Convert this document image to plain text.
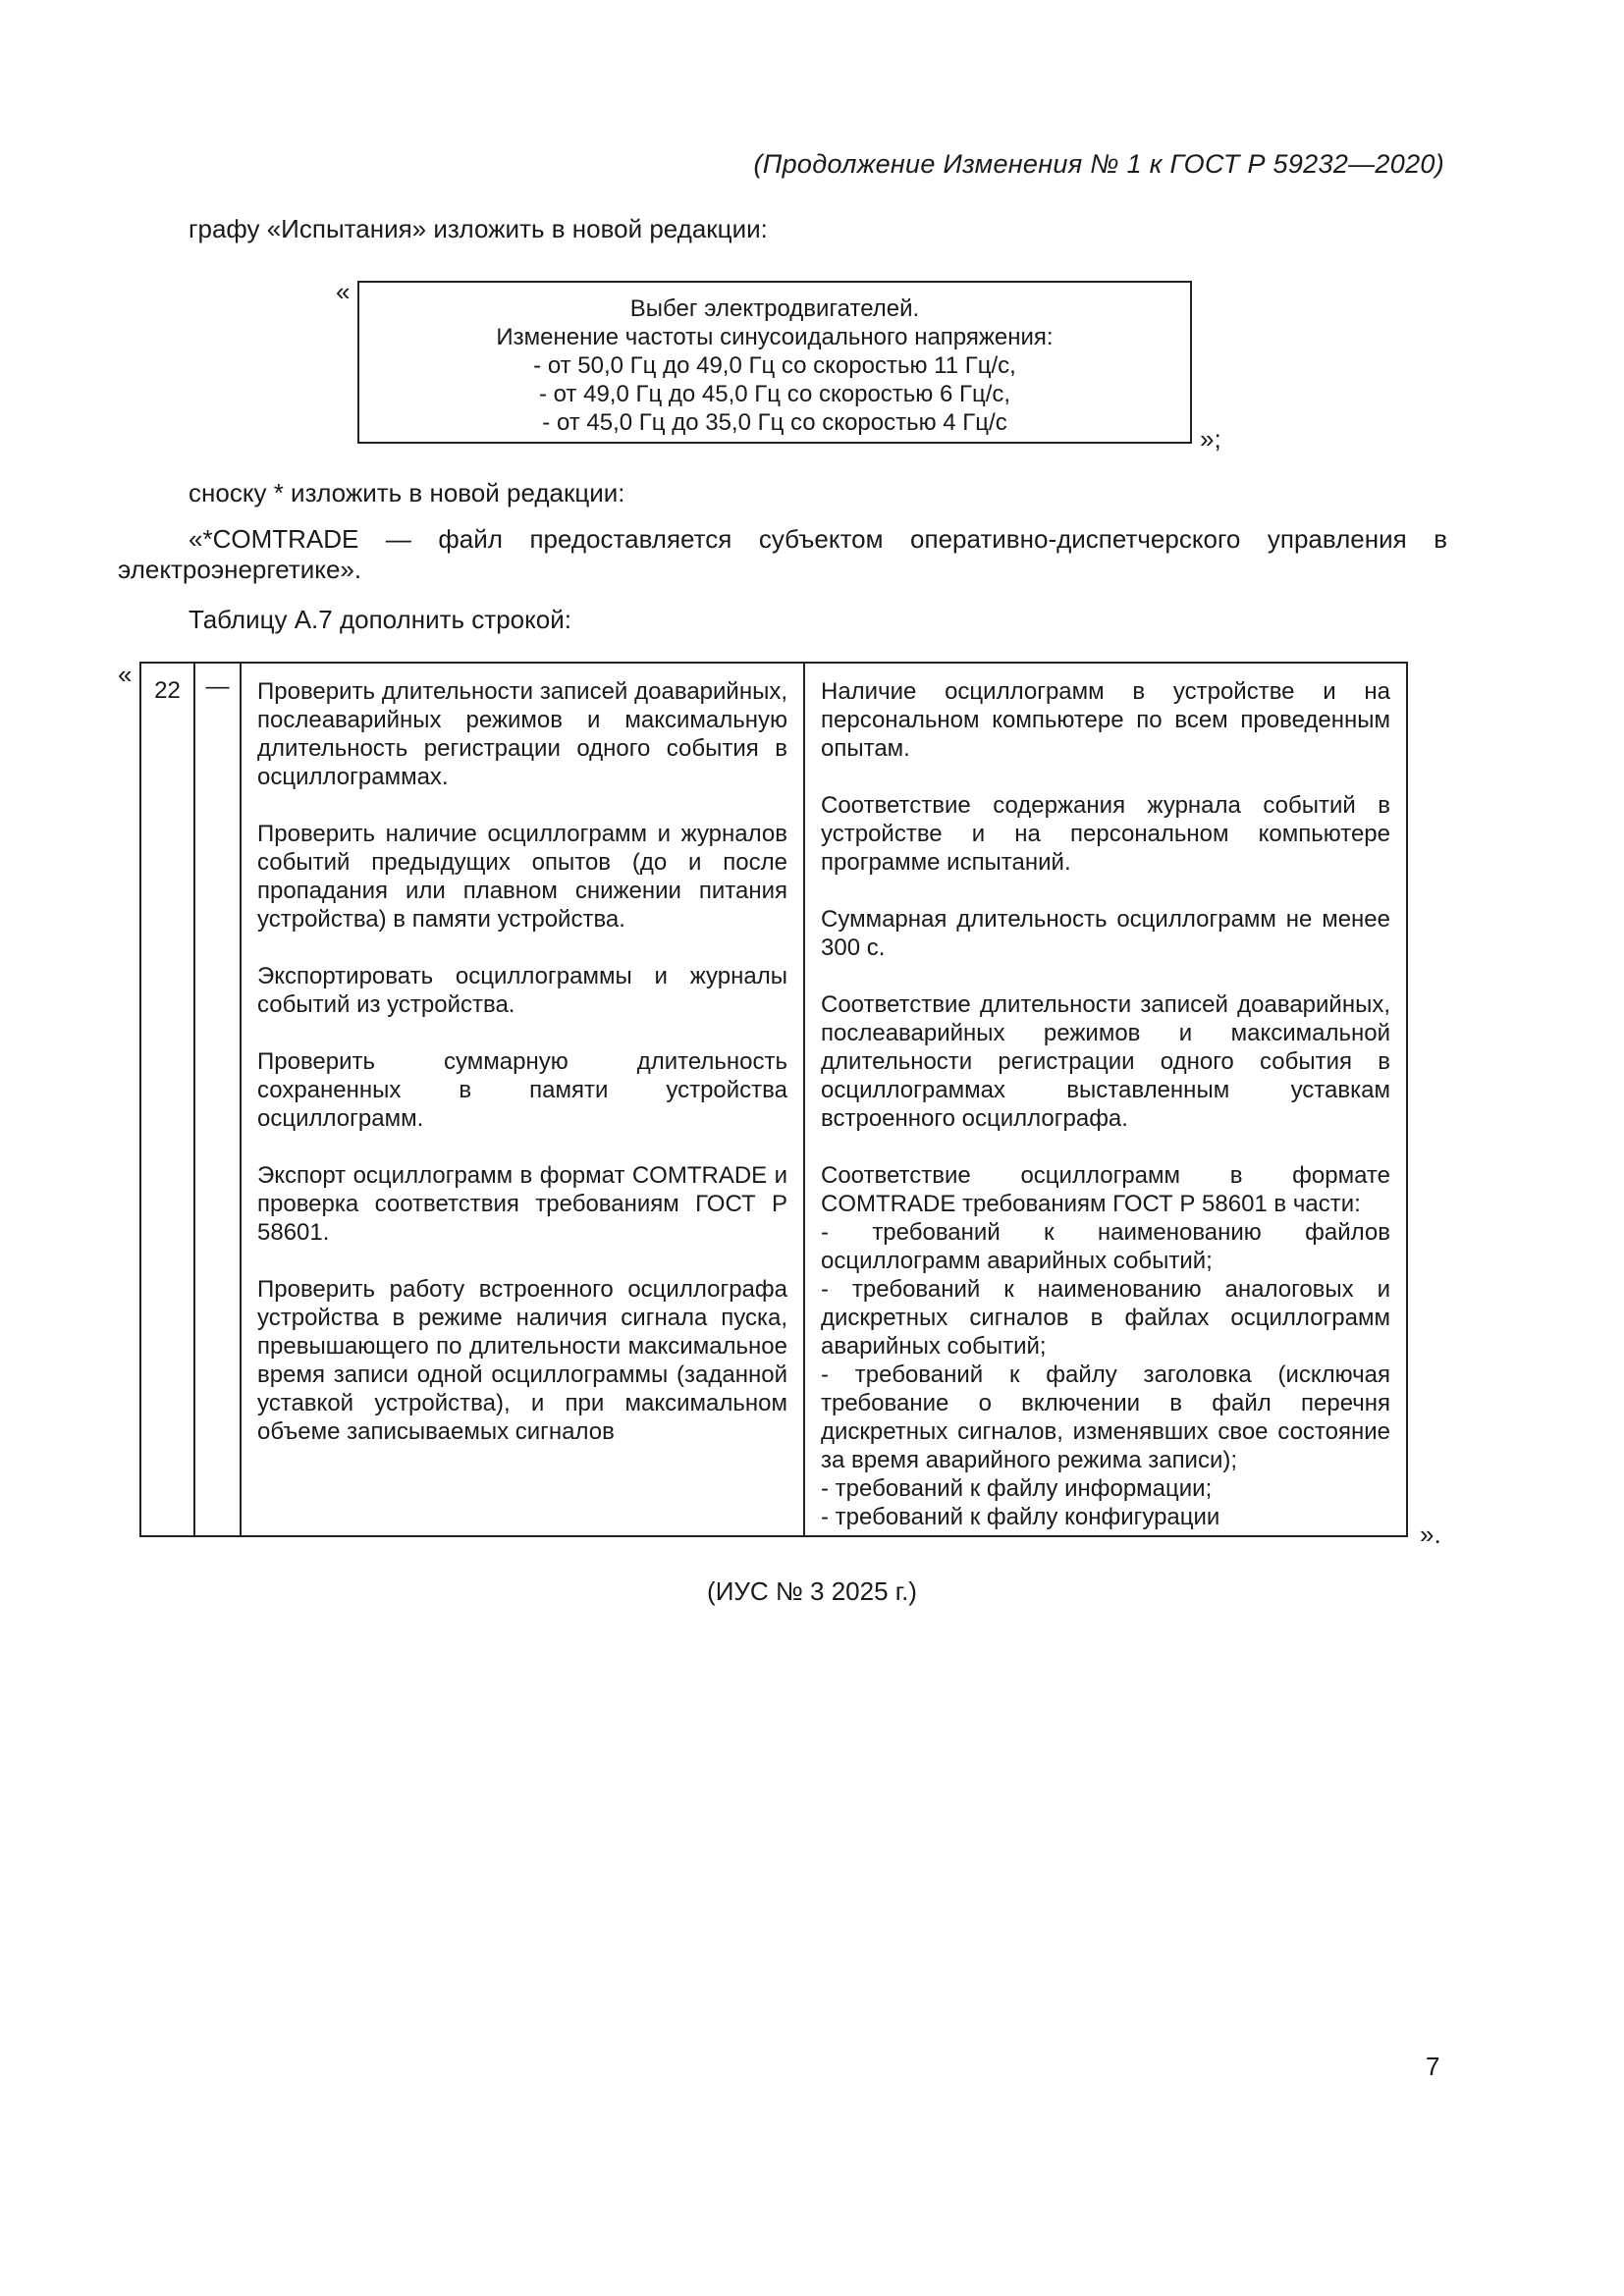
(Продолжение Изменения № 1 к ГОСТ Р 59232—2020)
графу «Испытания» изложить в новой редакции:
«
Выбег электродвигателей.
Изменение частоты синусоидального напряжения:
- от 50,0 Гц до 49,0 Гц со скоростью 11 Гц/с,
- от 49,0 Гц до 45,0 Гц со скоростью 6 Гц/с,
- от 45,0 Гц до 35,0 Гц со скоростью 4 Гц/с
»;
сноску * изложить в новой редакции:
«*COMTRADE — файл предоставляется субъектом оперативно-диспетчерского управления в
электроэнергетике».
Таблицу А.7 дополнить строкой:
«
22	—	Проверить длительности записей доаварийных, послеаварийных режимов и максимальную длительность регистрации одного события в осциллограммах.

Проверить наличие осциллограмм и журналов событий предыдущих опытов (до и после пропадания или плавном снижении питания устройства) в памяти устройства.

Экспортировать осциллограммы и журналы событий из устройства.

Проверить суммарную длительность сохраненных в памяти устройства осциллограмм.

Экспорт осциллограмм в формат COMTRADE и проверка соответствия требованиям ГОСТ Р 58601.

Проверить работу встроенного осциллографа устройства в режиме наличия сигнала пуска, превышающего по длительности максимальное время записи одной осциллограммы (заданной уставкой устройства), и при максимальном объеме записываемых сигналов

Наличие осциллограмм в устройстве и на персональном компьютере по всем проведенным опытам.

Соответствие содержания журнала событий в устройстве и на персональном компьютере программе испытаний.

Суммарная длительность осциллограмм не менее 300 с.

Соответствие длительности записей доаварийных, послеаварийных режимов и максимальной длительности регистрации одного события в осциллограммах выставленным уставкам встроенного осциллографа.

Соответствие осциллограмм в формате COMTRADE требованиям ГОСТ Р 58601 в части:
- требований к наименованию файлов осциллограмм аварийных событий;
- требований к наименованию аналоговых и дискретных сигналов в файлах осциллограмм аварийных событий;
- требований к файлу заголовка (исключая требование о включении в файл перечня дискретных сигналов, изменявших свое состояние за время аварийного режима записи);
- требований к файлу информации;
- требований к файлу конфигурации

».
(ИУС № 3 2025 г.)
7
